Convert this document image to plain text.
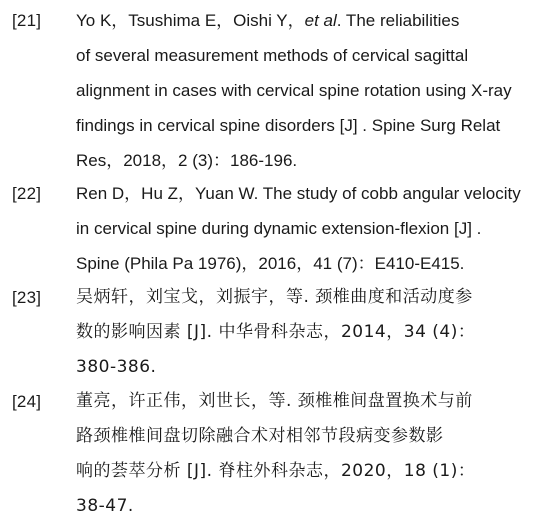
[21] Yo K，Tsushima E，Oishi Y，et al. The reliabilities
of several measurement methods of cervical sagittal
alignment in cases with cervical spine rotation using X-ray
findings in cervical spine disorders [J] . Spine Surg Relat
Res，2018，2 (3)：186-196.
[22] Ren D，Hu Z，Yuan W. The study of cobb angular velocity
in cervical spine during dynamic extension-flexion [J] .
Spine (Phila Pa 1976)，2016，41 (7)：E410-E415.
[23] 吴炳轩，刘宝戈，刘振宇，等. 颈椎曲度和活动度参
数的影响因素 [J]. 中华骨科杂志，2014，34 (4)：
380-386.
[24] 董亮，许正伟，刘世长，等. 颈椎椎间盘置换术与前
路颈椎椎间盘切除融合术对相邻节段病变参数影
响的荟萃分析 [J]. 脊柱外科杂志，2020，18 (1)：
38-47.
